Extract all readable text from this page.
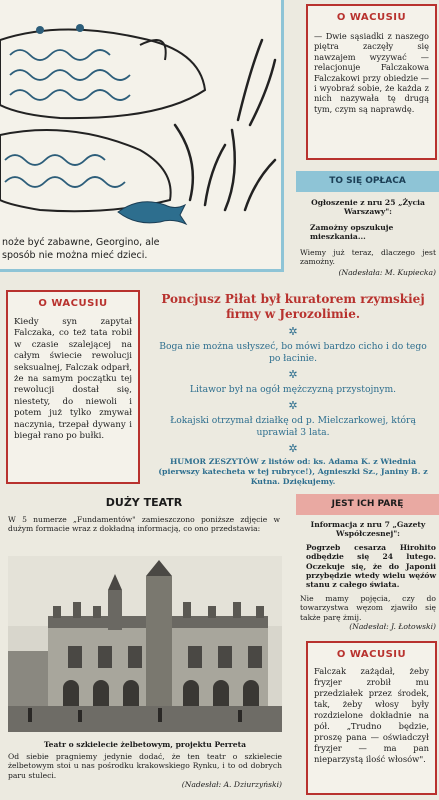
noże być zabawne, Georgino, ale

sposób nie można mieć dzieci.

O WACUSIU

— Dwie sąsiadki z naszego piętra zaczęły się nawzajem wyzywać — relacjonuje Falczakowa Falczakowi przy obiedzie — i wyobraź sobie, że każda z nich nazywała tę drugą tym, czym są naprawdę.

TO SIĘ OPŁACA

Ogłoszenie z nru 25 „Życia Warszawy":

Zamożny opszukuje mieszkania...

Wiemy już teraz, dlaczego jest zamożny.

(Nadesłała: M. Kupiecka)

O WACUSIU

Kiedy syn zapytał Falczaka, co też tata robił w czasie szalejącej na całym świecie rewolucji seksualnej, Falczak odparł, że na samym początku tej rewolucji dostał się, niestety, do niewoli i potem już tylko zmywał naczynia, trzepał dywany i biegał rano po bułki.

Poncjusz Piłat był kuratorem rzymskiej firmy w Jerozolimie.

✲

Boga nie można usłyszeć, bo mówi bardzo cicho i do tego po łacinie.

✲

Litawor był na ogół mężczyzną przystojnym.

✲

Łokajski otrzymał działkę od p. Mielczarkowej, którą uprawiał 3 lata.

✲

HUMOR ZESZYTÓW z listów od: ks. Adama K. z Wiednia (pierwszy katecheta w tej rubryce!), Agnieszki Sz., Janiny B. z Kutna. Dziękujemy.

DUŻY TEATR

W 5 numerze „Fundamentów" zamieszczono poniższe zdjęcie w dużym formacie wraz z dokładną informacją, co ono przedstawia:

Teatr o szkielecie żelbetowym, projektu Perreta

Od siebie pragniemy jedynie dodać, że ten teatr o szkielecie żelbetowym stoi u nas pośrodku krakowskiego Rynku, i to od dobrych paru stuleci.

(Nadesłał: A. Dziurzyński)

JEST ICH PARĘ

Informacja z nru 7 „Gazety Współczesnej":

Pogrzeb cesarza Hirohito odbędzie się 24 lutego. Oczekuje się, że do Japonii przybędzie wtedy wielu węźów stanu z całego świata.

Nie mamy pojęcia, czy do towarzystwa węzom zjawiło się także parę żmij.

(Nadesłał: J. Łotowski)

O WACUSIU

Falczak zażądał, żeby fryzjer zrobił mu przedziałek przez środek, tak, żeby włosy były rozdzielone dokładnie na pół. „Trudno będzie, proszę pana — oświadczył fryzjer — ma pan nieparzystą ilość włosów".
